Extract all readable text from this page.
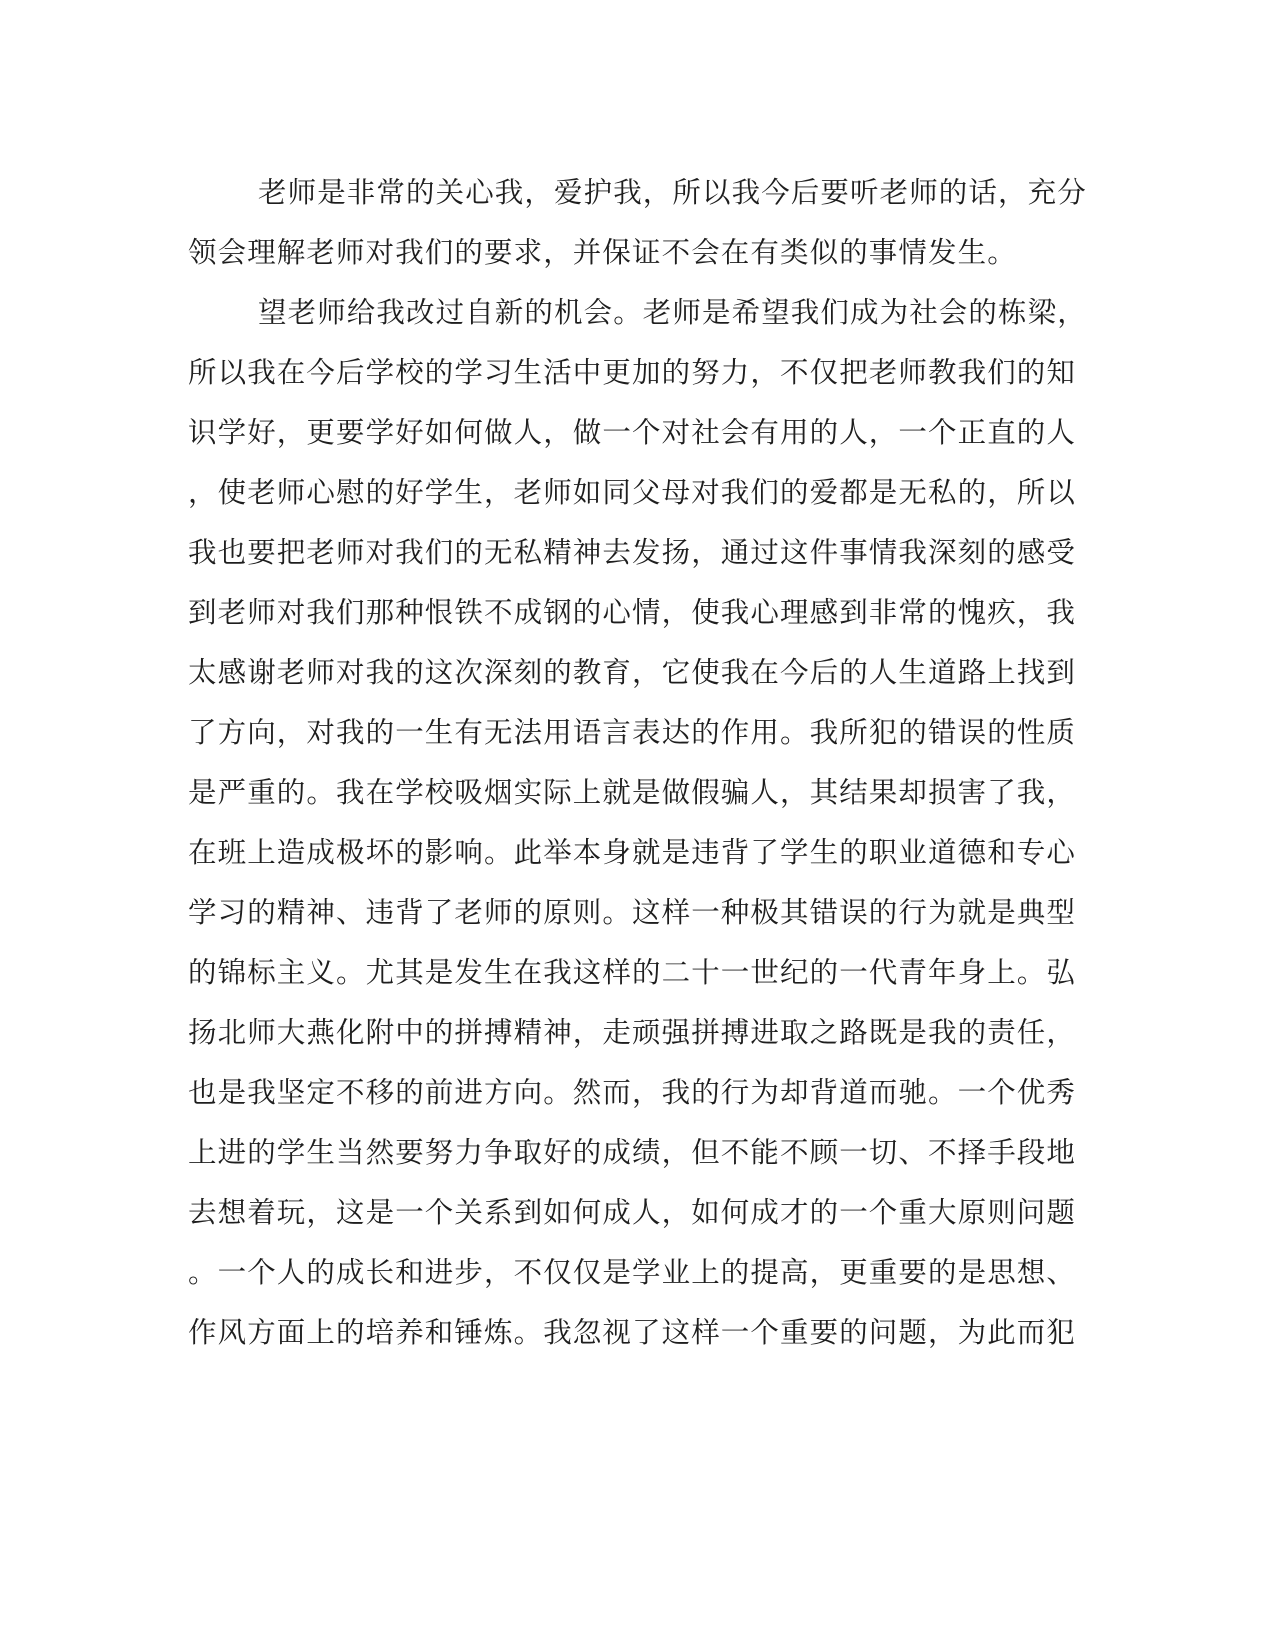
老师是非常的关心我，爱护我，所以我今后要听老师的话，充分
领会理解老师对我们的要求，并保证不会在有类似的事情发生。
望老师给我改过自新的机会。老师是希望我们成为社会的栋梁，
所以我在今后学校的学习生活中更加的努力，不仅把老师教我们的知
识学好，更要学好如何做人，做一个对社会有用的人，一个正直的人
，使老师心慰的好学生，老师如同父母对我们的爱都是无私的，所以
我也要把老师对我们的无私精神去发扬，通过这件事情我深刻的感受
到老师对我们那种恨铁不成钢的心情，使我心理感到非常的愧疚，我
太感谢老师对我的这次深刻的教育，它使我在今后的人生道路上找到
了方向，对我的一生有无法用语言表达的作用。我所犯的错误的性质
是严重的。我在学校吸烟实际上就是做假骗人，其结果却损害了我，
在班上造成极坏的影响。此举本身就是违背了学生的职业道德和专心
学习的精神、违背了老师的原则。这样一种极其错误的行为就是典型
的锦标主义。尤其是发生在我这样的二十一世纪的一代青年身上。弘
扬北师大燕化附中的拼搏精神，走顽强拼搏进取之路既是我的责任，
也是我坚定不移的前进方向。然而，我的行为却背道而驰。一个优秀
上进的学生当然要努力争取好的成绩，但不能不顾一切、不择手段地
去想着玩，这是一个关系到如何成人，如何成才的一个重大原则问题
。一个人的成长和进步，不仅仅是学业上的提高，更重要的是思想、
作风方面上的培养和锤炼。我忽视了这样一个重要的问题，为此而犯
